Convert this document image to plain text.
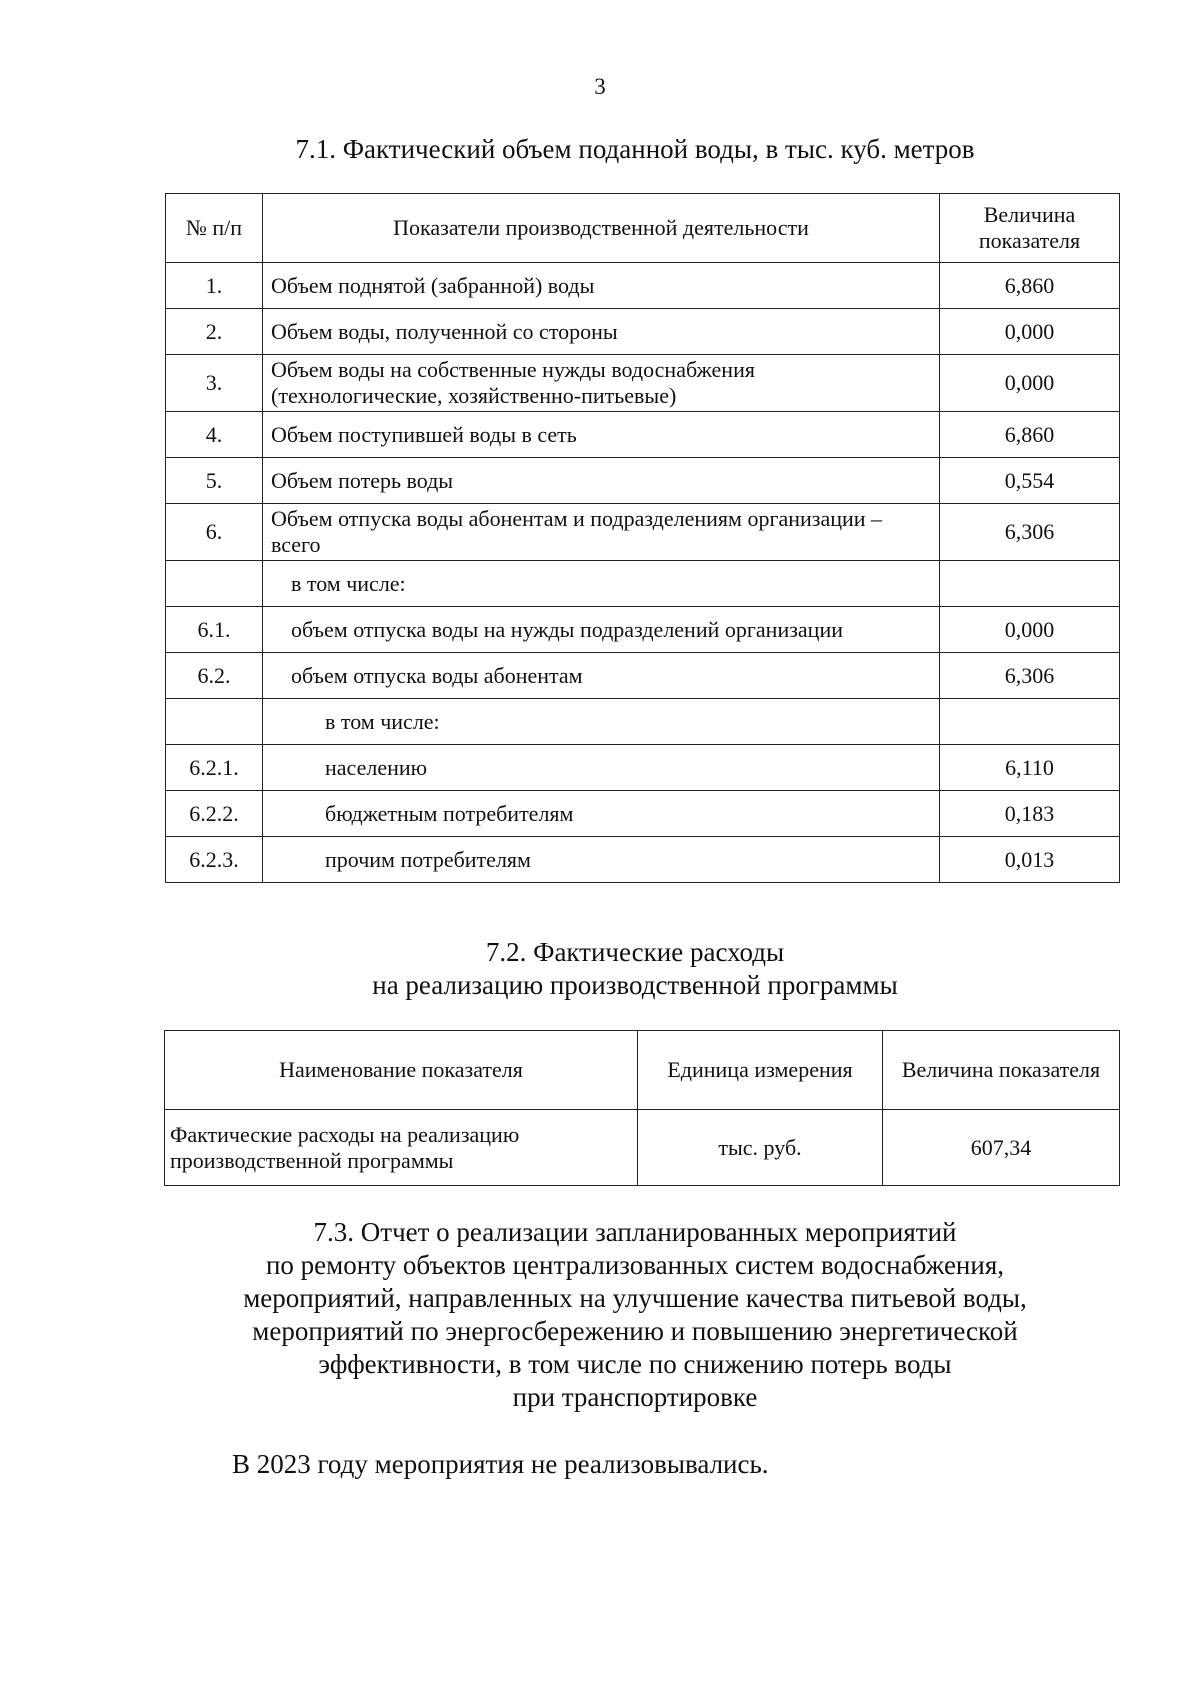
3
7.1. Фактический объем поданной воды, в тыс. куб. метров
№ п/п	Показатели производственной деятельности	Величина показателя
1.	Объем поднятой (забранной) воды	6,860
2.	Объем воды, полученной со стороны	0,000
3.	Объем воды на собственные нужды водоснабжения (технологические, хозяйственно-питьевые)	0,000
4.	Объем поступившей воды в сеть	6,860
5.	Объем потерь воды	0,554
6.	Объем отпуска воды абонентам и подразделениям организации – всего	6,306
	в том числе:	
6.1.	объем отпуска воды на нужды подразделений организации	0,000
6.2.	объем отпуска воды абонентам	6,306
	в том числе:	
6.2.1.	населению	6,110
6.2.2.	бюджетным потребителям	0,183
6.2.3.	прочим потребителям	0,013
7.2. Фактические расходы
на реализацию производственной программы
Наименование показателя	Единица измерения	Величина показателя
Фактические расходы на реализацию производственной программы	тыс. руб.	607,34
7.3. Отчет о реализации запланированных мероприятий
по ремонту объектов централизованных систем водоснабжения,
мероприятий, направленных на улучшение качества питьевой воды,
мероприятий по энергосбережению и повышению энергетической
эффективности, в том числе по снижению потерь воды
при транспортировке
В 2023 году мероприятия не реализовывались.
